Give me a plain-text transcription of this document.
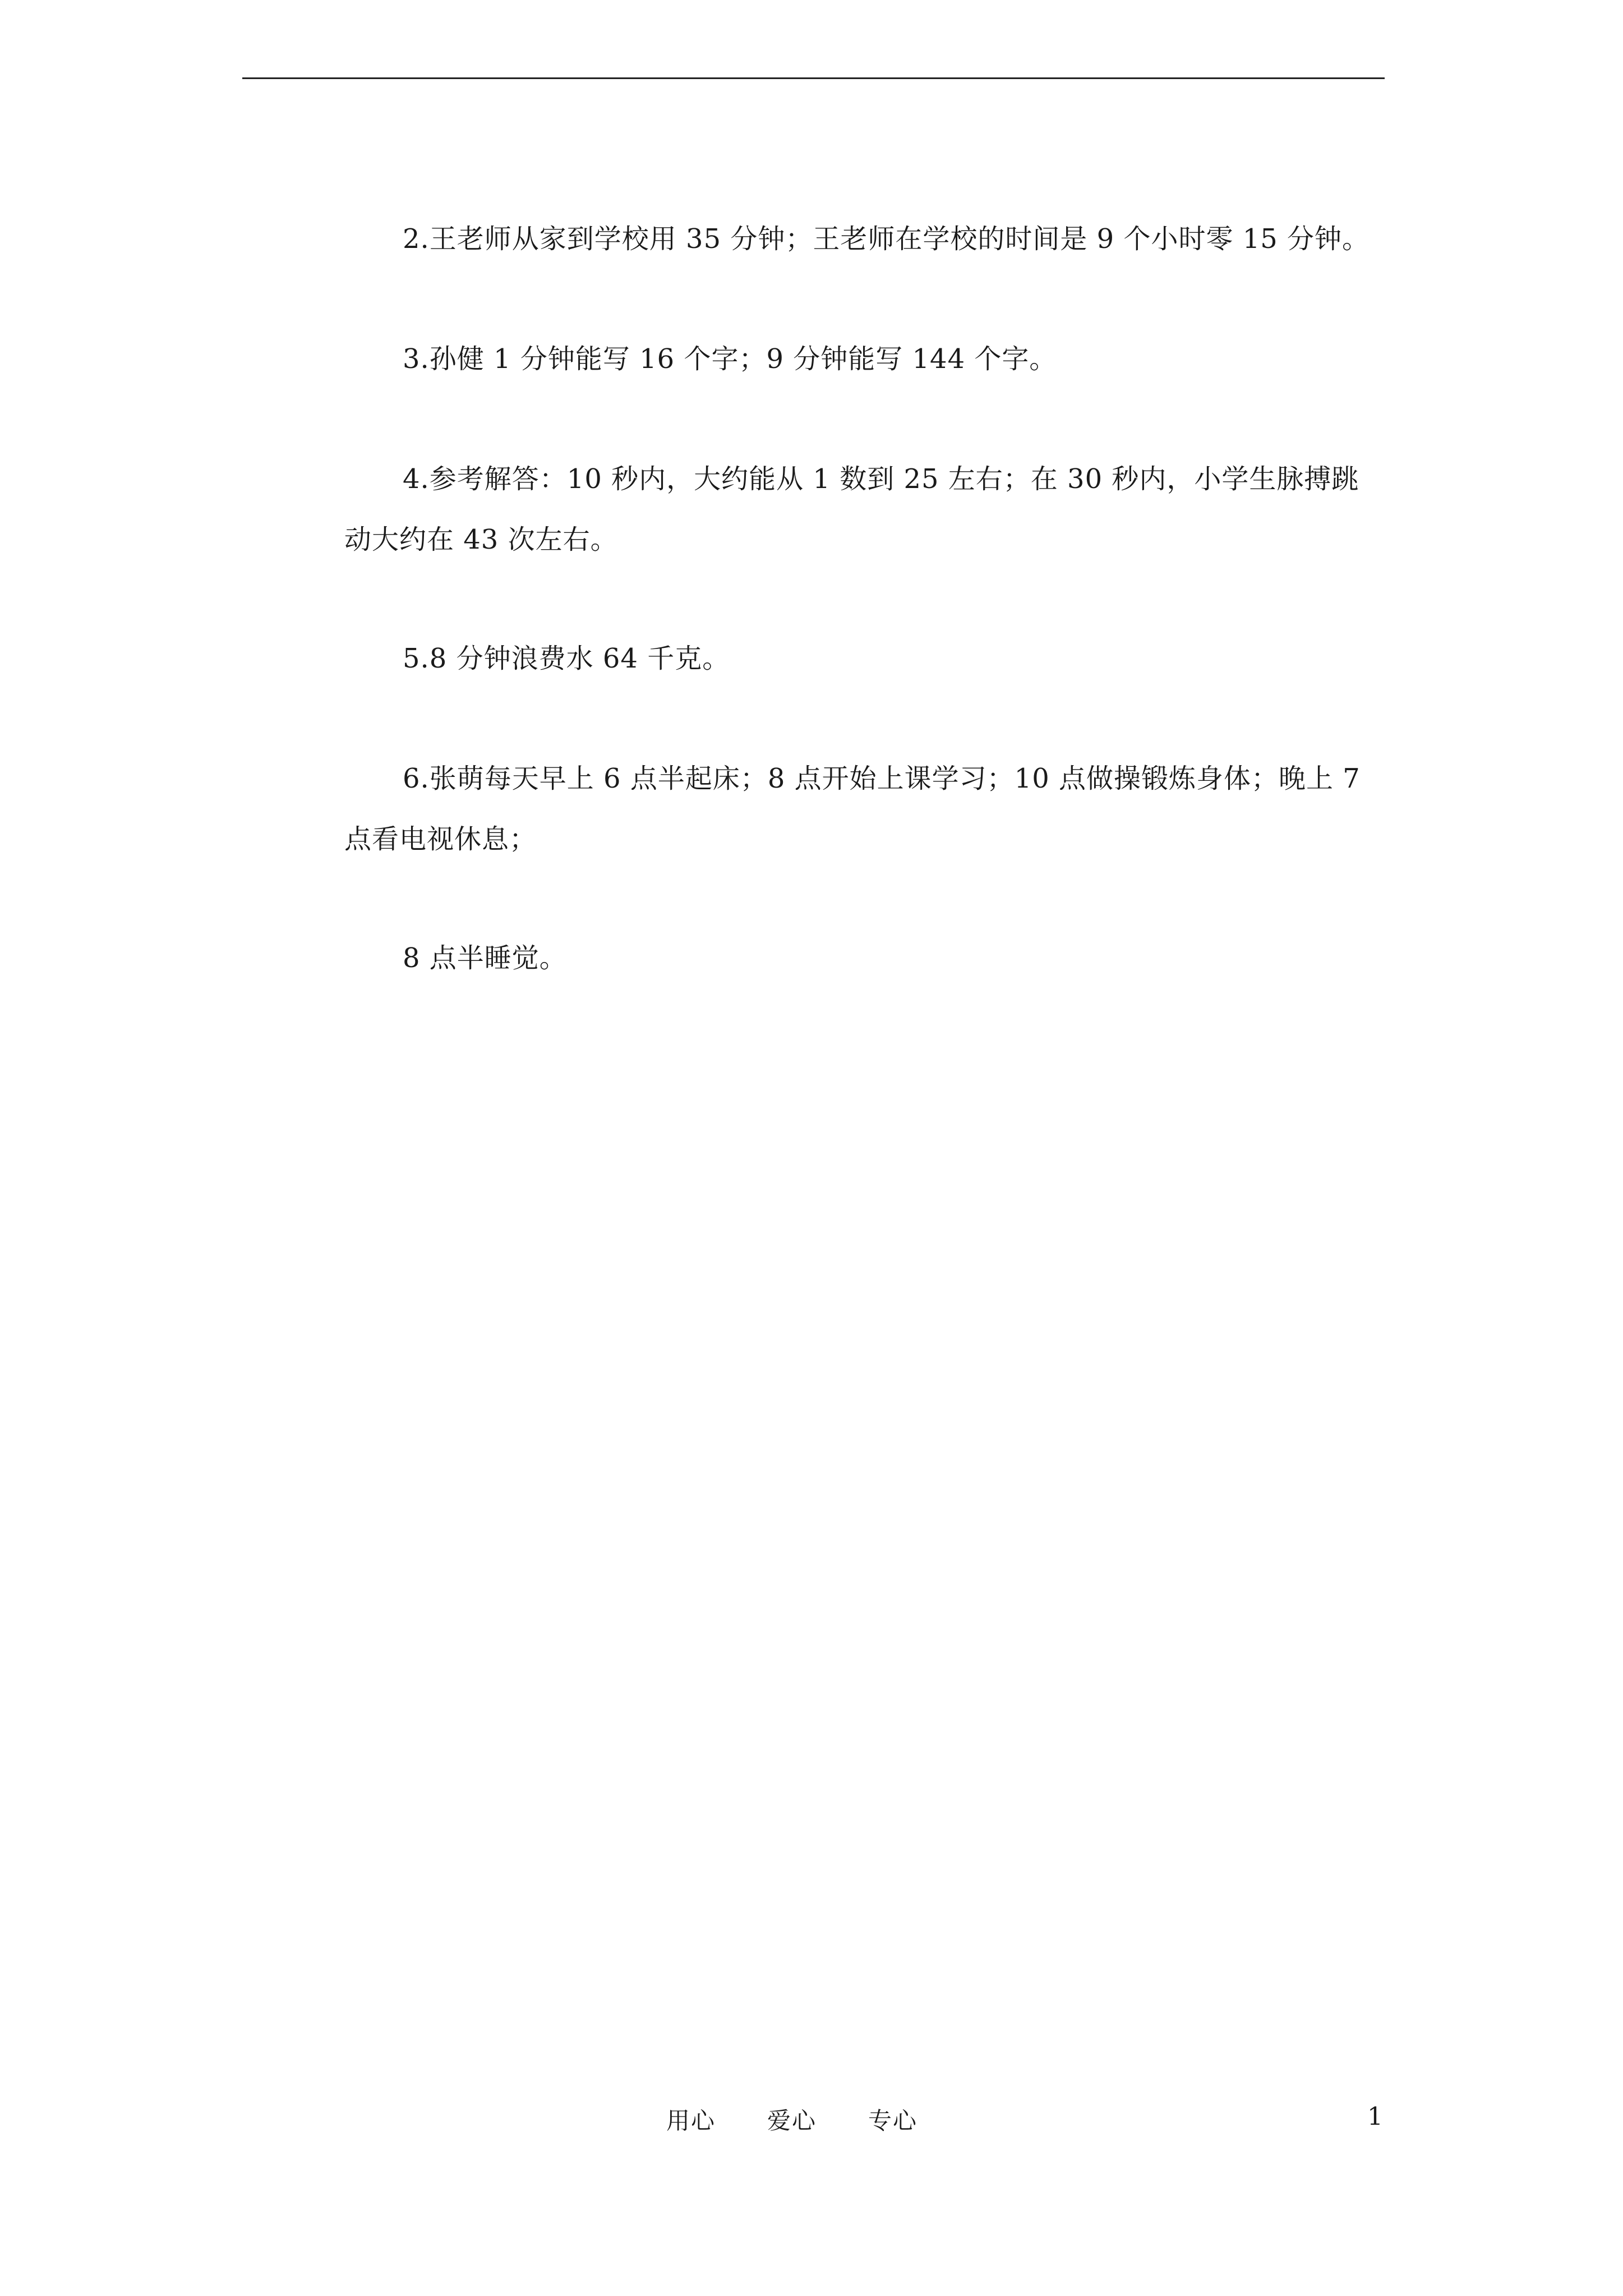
2.王老师从家到学校用 35 分钟；王老师在学校的时间是 9 个小时零 15 分钟。

3.孙健 1 分钟能写 16 个字；9 分钟能写 144 个字。

4.参考解答：10 秒内，大约能从 1 数到 25 左右；在 30 秒内，小学生脉搏跳动大约在 43 次左右。

5.8 分钟浪费水 64 千克。

6.张萌每天早上 6 点半起床；8 点开始上课学习；10 点做操锻炼身体；晚上 7 点看电视休息；

8 点半睡觉。

用心 爱心 专心	1
